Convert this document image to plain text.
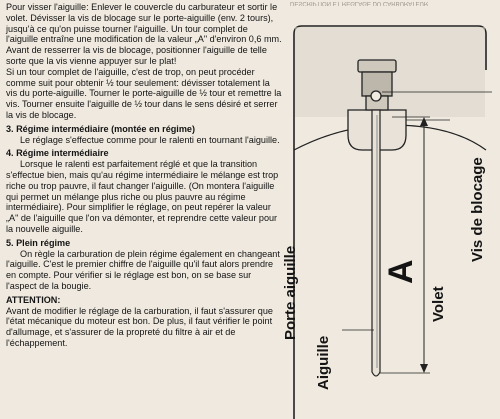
Pour visser l'aiguille: Enlever le couvercle du carburateur et sortir le volet. Dévisser la vis de blocage sur le porte-aiguille (env. 2 tours), jusqu'à ce qu'on puisse tourner l'aiguille. Un tour complet de l'aiguille entraîne une modification de la valeur „A" d'environ 0,6 mm. Avant de resserrer la vis de blocage, positionner l'aiguille de telle sorte que la vis vienne appuyer sur le plat!

Si un tour complet de l'aiguille, c'est de trop, on peut procéder comme suit pour obtenir ½ tour seulement: dévisser totalement la vis du porte-aiguille. Tourner le porte-aiguille de ½ tour et remettre la vis. Tourner ensuite l'aiguille de ½ tour dans le sens désiré et serrer la vis de blocage.

3. Régime intermédiaire (montée en régime)

Le réglage s'effectue comme pour le ralenti en tournant l'aiguille.

4. Régime intermédiaire

Lorsque le ralenti est parfaitement réglé et que la transition s'effectue bien, mais qu'au régime intermédiaire le mélange est trop riche ou trop pauvre, il faut changer l'aiguille. (On montera l'aiguille qui permet un mélange plus riche ou plus pauvre au régime intermédiaire). Pour simplifier le réglage, on peut repérer la valeur „A" de l'aiguille que l'on va démonter, et reprendre cette valeur pour la nouvelle aiguille.

5. Plein régime

On règle la carburation de plein régime également en changeant l'aiguille. C'est le premier chiffre de l'aiguille qu'il faut alors prendre en compte. Pour vérifier si le réglage est bon, on se base sur l'aspect de la bougie.

ATTENTION:

Avant de modifier le réglage de la carburation, il faut s'assurer que l'état mécanique du moteur est bon. De plus, il faut vérifier le point d'allumage, et s'assurer de la propreté du filtre à air et de l'échappement.

DESCRIPTION ET REGLAGE DU CARBURATEUR
Vis de blocage
Volet
A
Aiguille
Porte aiguille
